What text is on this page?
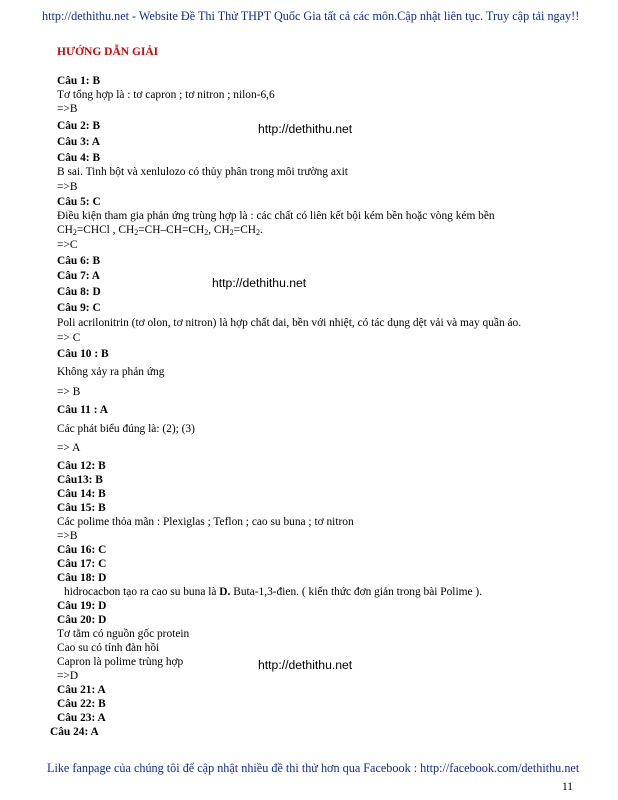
http://dethithu.net - Website Đề Thi Thử THPT Quốc Gia tất cả các môn.Cập nhật liên tục. Truy cập tải ngay!!
HƯỚNG DẪN GIẢI
Câu 1: B
Tơ tổng hợp là : tơ capron ; tơ nitron ; nilon-6,6
=>B
Câu 2: B
Câu 3: A
Câu 4: B
B sai. Tinh bột và xenlulozo có thủy phân trong môi trường axit
=>B
Câu 5: C
Điều kiện tham gia phản ứng trùng hợp là : các chất có liên kết bội kém bền hoặc vòng kém bền
$CH_2=CHCl$ , $CH_2=CH-CH=CH_2$, $CH_2=CH_2$.
=>C
Câu 6: B
Câu 7: A
Câu 8: D
Câu 9: C
Poli acrilonitrin (tơ olon, tơ nitron) là hợp chất dai, bền với nhiệt, có tác dụng dệt vải và may quần áo.
=> C
Câu 10 : B
Không xảy ra phản ứng
=> B
Câu 11 : A
Các phát biểu đúng là: (2); (3)
=> A
Câu 12: B
Câu13: B
Câu 14: B
Câu 15: B
Các polime thỏa mãn : Plexiglas ; Teflon ; cao su buna ; tơ nitron
=>B
Câu 16: C
Câu 17: C
Câu 18: D
hidrocacbon tạo ra cao su buna là D. Buta-1,3-đien. ( kiến thức đơn giản trong bài Polime ).
Câu 19: D
Câu 20: D
Tơ tằm có nguồn gốc protein
Cao su có tính đàn hồi
Capron là polime trùng hợp
=>D
Câu 21: A
Câu 22: B
Câu 23: A
Câu 24: A
http://dethithu.net
http://dethithu.net
http://dethithu.net
Like fanpage của chúng tôi để cập nhật nhiều đề thi thử hơn qua Facebook : http://facebook.com/dethithu.net
11
